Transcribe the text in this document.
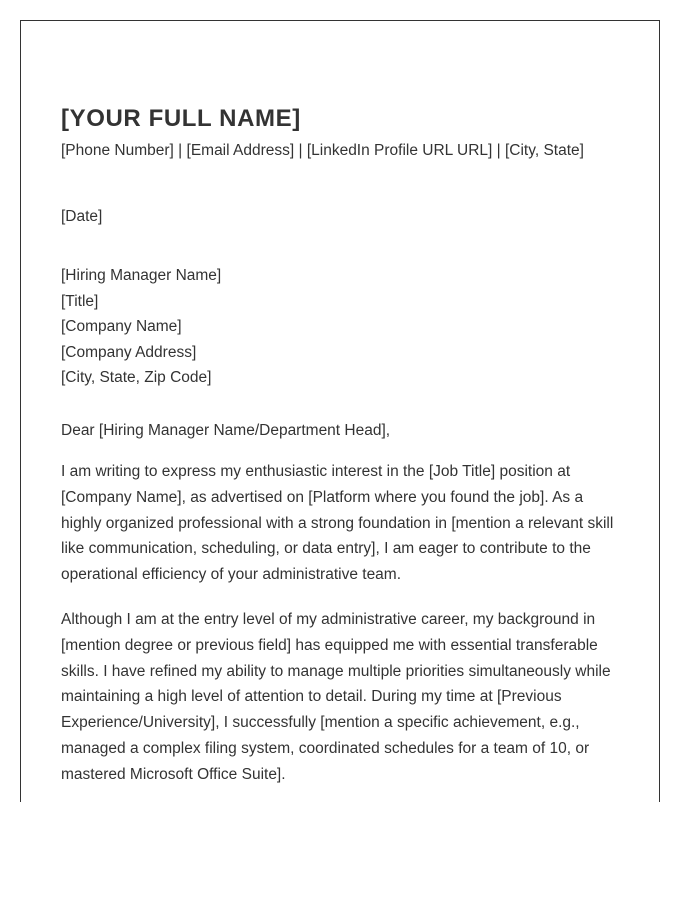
[YOUR FULL NAME]
[Phone Number] | [Email Address] | [LinkedIn Profile URL URL] | [City, State]
[Date]
[Hiring Manager Name]
[Title]
[Company Name]
[Company Address]
[City, State, Zip Code]
Dear [Hiring Manager Name/Department Head],
I am writing to express my enthusiastic interest in the [Job Title] position at [Company Name], as advertised on [Platform where you found the job]. As a highly organized professional with a strong foundation in [mention a relevant skill like communication, scheduling, or data entry], I am eager to contribute to the operational efficiency of your administrative team.
Although I am at the entry level of my administrative career, my background in [mention degree or previous field] has equipped me with essential transferable skills. I have refined my ability to manage multiple priorities simultaneously while maintaining a high level of attention to detail. During my time at [Previous Experience/University], I successfully [mention a specific achievement, e.g., managed a complex filing system, coordinated schedules for a team of 10, or mastered Microsoft Office Suite].
